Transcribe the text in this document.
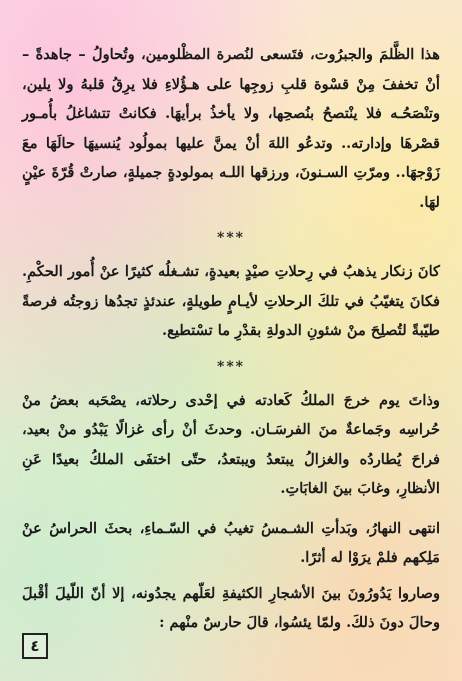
هذا الظَّلمَ والجبرُوت، فتَسعى لنُصرة المظْلومين، وتُحاولُ – جاهدةً – أنْ تخففَ مِنْ قسْوة قلبِ زوجِها على هـؤُلاءِ فلا يرِقُ قلبهُ ولا يلين، وتنْصَحُـه فلا ينْتصحُ بنُصحِها، ولا يأخذُ برأيهَا. فكانتْ تتشاغلُ بأُمـور قصْرهَا وإدارته.. وتدعُو اللهَ أنْ يمنَّ عليها بمولُود يُنسيهَا حالَهَا معَ زَوْجهَا.. ومرّتِ السـنونَ، ورزقها اللـه بمولودةٍ جميلةٍ، صارتْ قُرّةَ عيْنٍ لهَا.

***

كانَ زنكار يذهبُ في رِحلاتِ صيْدٍ بعيدةٍ، تشـغلُه كثيرًا عنْ أُمور الحكْمِ. فكانَ يتغيّبُ في تلكَ الرحلاتِ لأيـامٍ طويلةٍ، عندئذٍ تجدُها زوجتُه فرصةً طيّبةً لتُصلِحَ منْ شئونِ الدولةِ بقدْرِ ما تسْتطيع.

***

وذاتَ يوم خرجَ الملكُ كَعادته في إحْدى رحلاته، يصْحَبه بعضُ منْ حُراسِه وجَماعةٌ منَ الفرسَـان. وحدثَ أنْ رأى غزالًا يَبْدُو منْ بعيد، فراحَ يُطاردُه والغزالُ يبتعدُ ويبتعدُ، حتّى اختفَى الملكُ بعيدًا عَنِ الأنظارِ، وغابَ بينَ الغابَاتِ.

انتهى النهارُ، وبَدأتِ الشـمسُ تغيبُ في السّـماءِ، بحثَ الحراسُ عنْ مَلِكهم فلمْ يرَوْا له أثرًا.

وصاروا يَدُورُونَ بينَ الأشجارِ الكثيفةِ لعَلّهم يجدُونه، إلا أنّ اللّيلَ أقْبلَ وحالَ دونَ ذلكَ. ولمّا يئسُوا، قالَ حارسٌ منْهم :

٤
